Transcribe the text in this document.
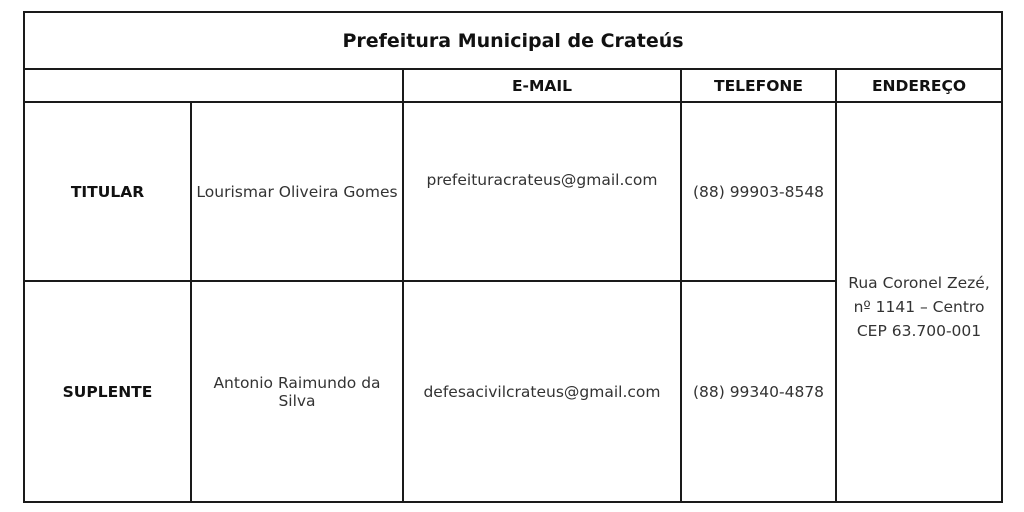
Prefeitura Municipal de Crateús				
		E-MAIL	TELEFONE	ENDEREÇO
TITULAR	Lourismar Oliveira Gomes	prefeituracrateus@gmail.com	(88) 99903-8548	Rua Coronel Zezé, nº 1141 – Centro CEP 63.700-001
SUPLENTE	Antonio Raimundo da Silva	defesacivilcrateus@gmail.com	(88) 99340-4878	
